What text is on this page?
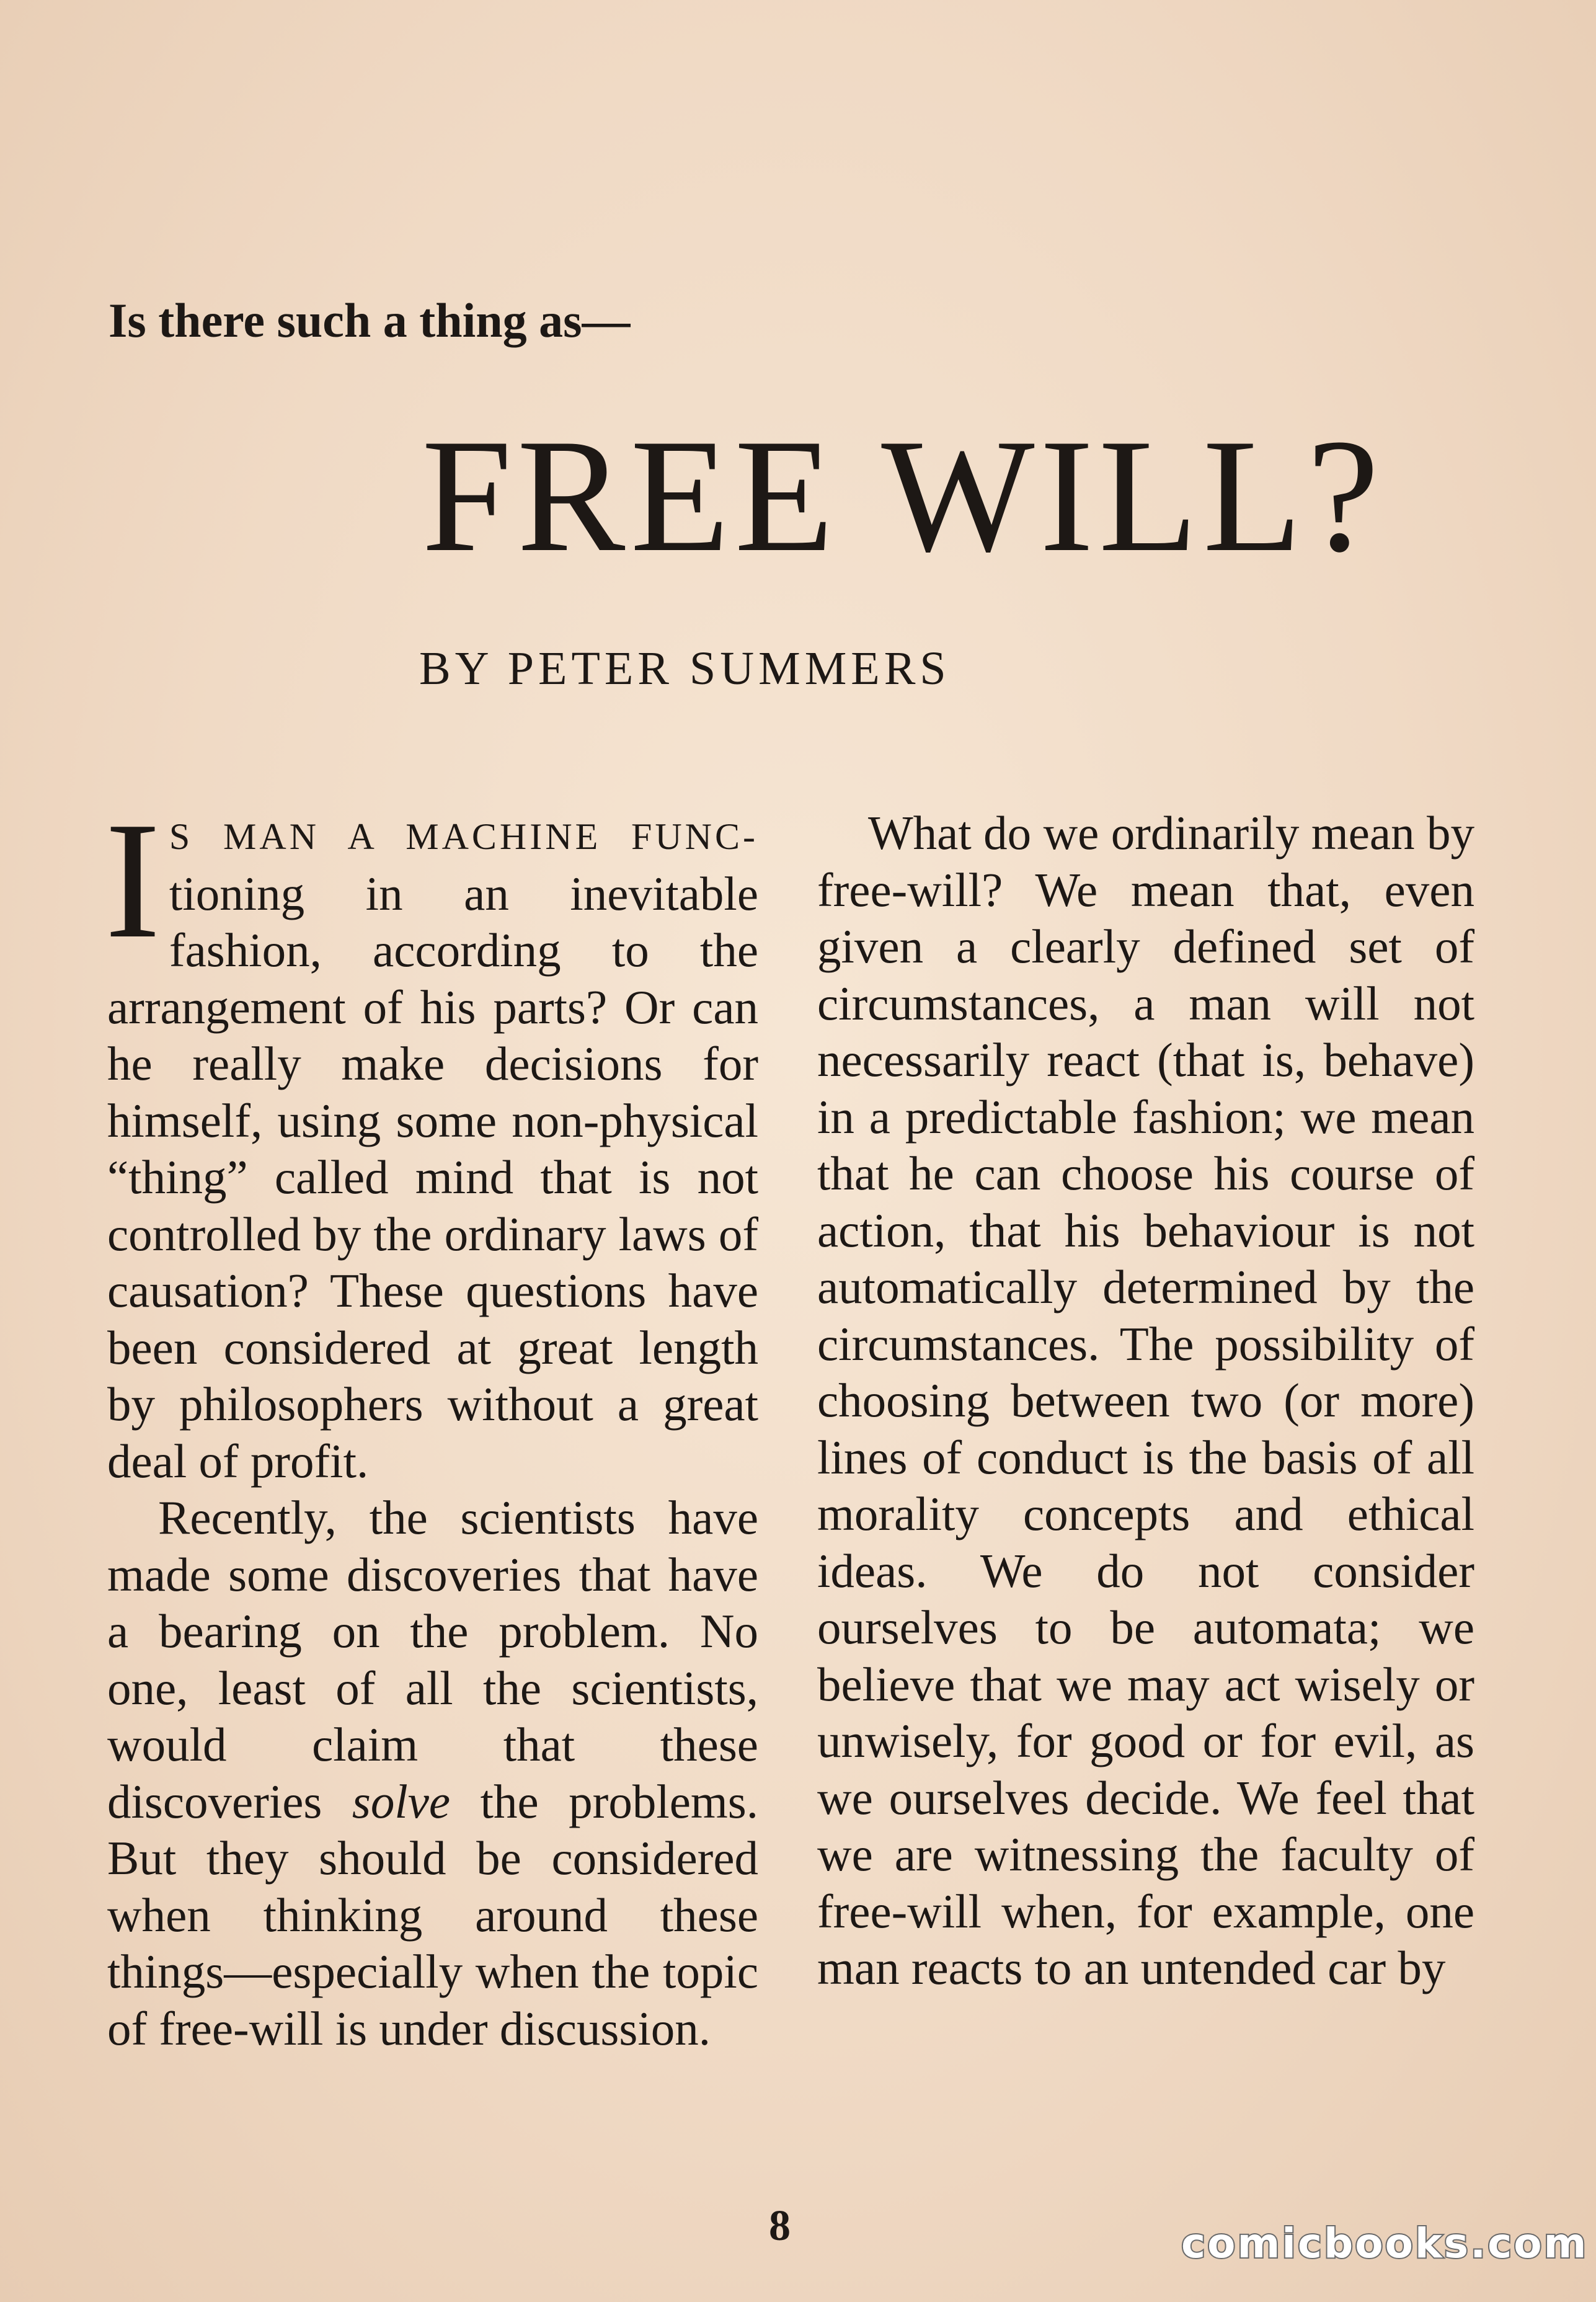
Is there such a thing as—
FREE WILL?
BY PETER SUMMERS

I S MAN A MACHINE FUNC- tioning in an inevitable fashion, according to the arrangement of his parts? Or can he really make decisions for himself, using some non-physical “thing” called mind that is not controlled by the ordinary laws of causation? These questions have been considered at great length by philosophers without a great deal of profit.

Recently, the scientists have made some discoveries that have a bearing on the problem. No one, least of all the scientists, would claim that these discoveries solve the problems. But they should be considered when thinking around these things—especially when the topic of free-will is under discussion.

What do we ordinarily mean by free-will? We mean that, even given a clearly defined set of circumstances, a man will not necessarily react (that is, behave) in a predictable fashion; we mean that he can choose his course of action, that his behaviour is not automatically determined by the circumstances. The possibility of choosing between two (or more) lines of conduct is the basis of all morality concepts and ethical ideas. We do not consider ourselves to be automata; we believe that we may act wisely or unwisely, for good or for evil, as we ourselves decide. We feel that we are witnessing the faculty of free-will when, for example, one man reacts to an untended car by

8	comicbooks.com
